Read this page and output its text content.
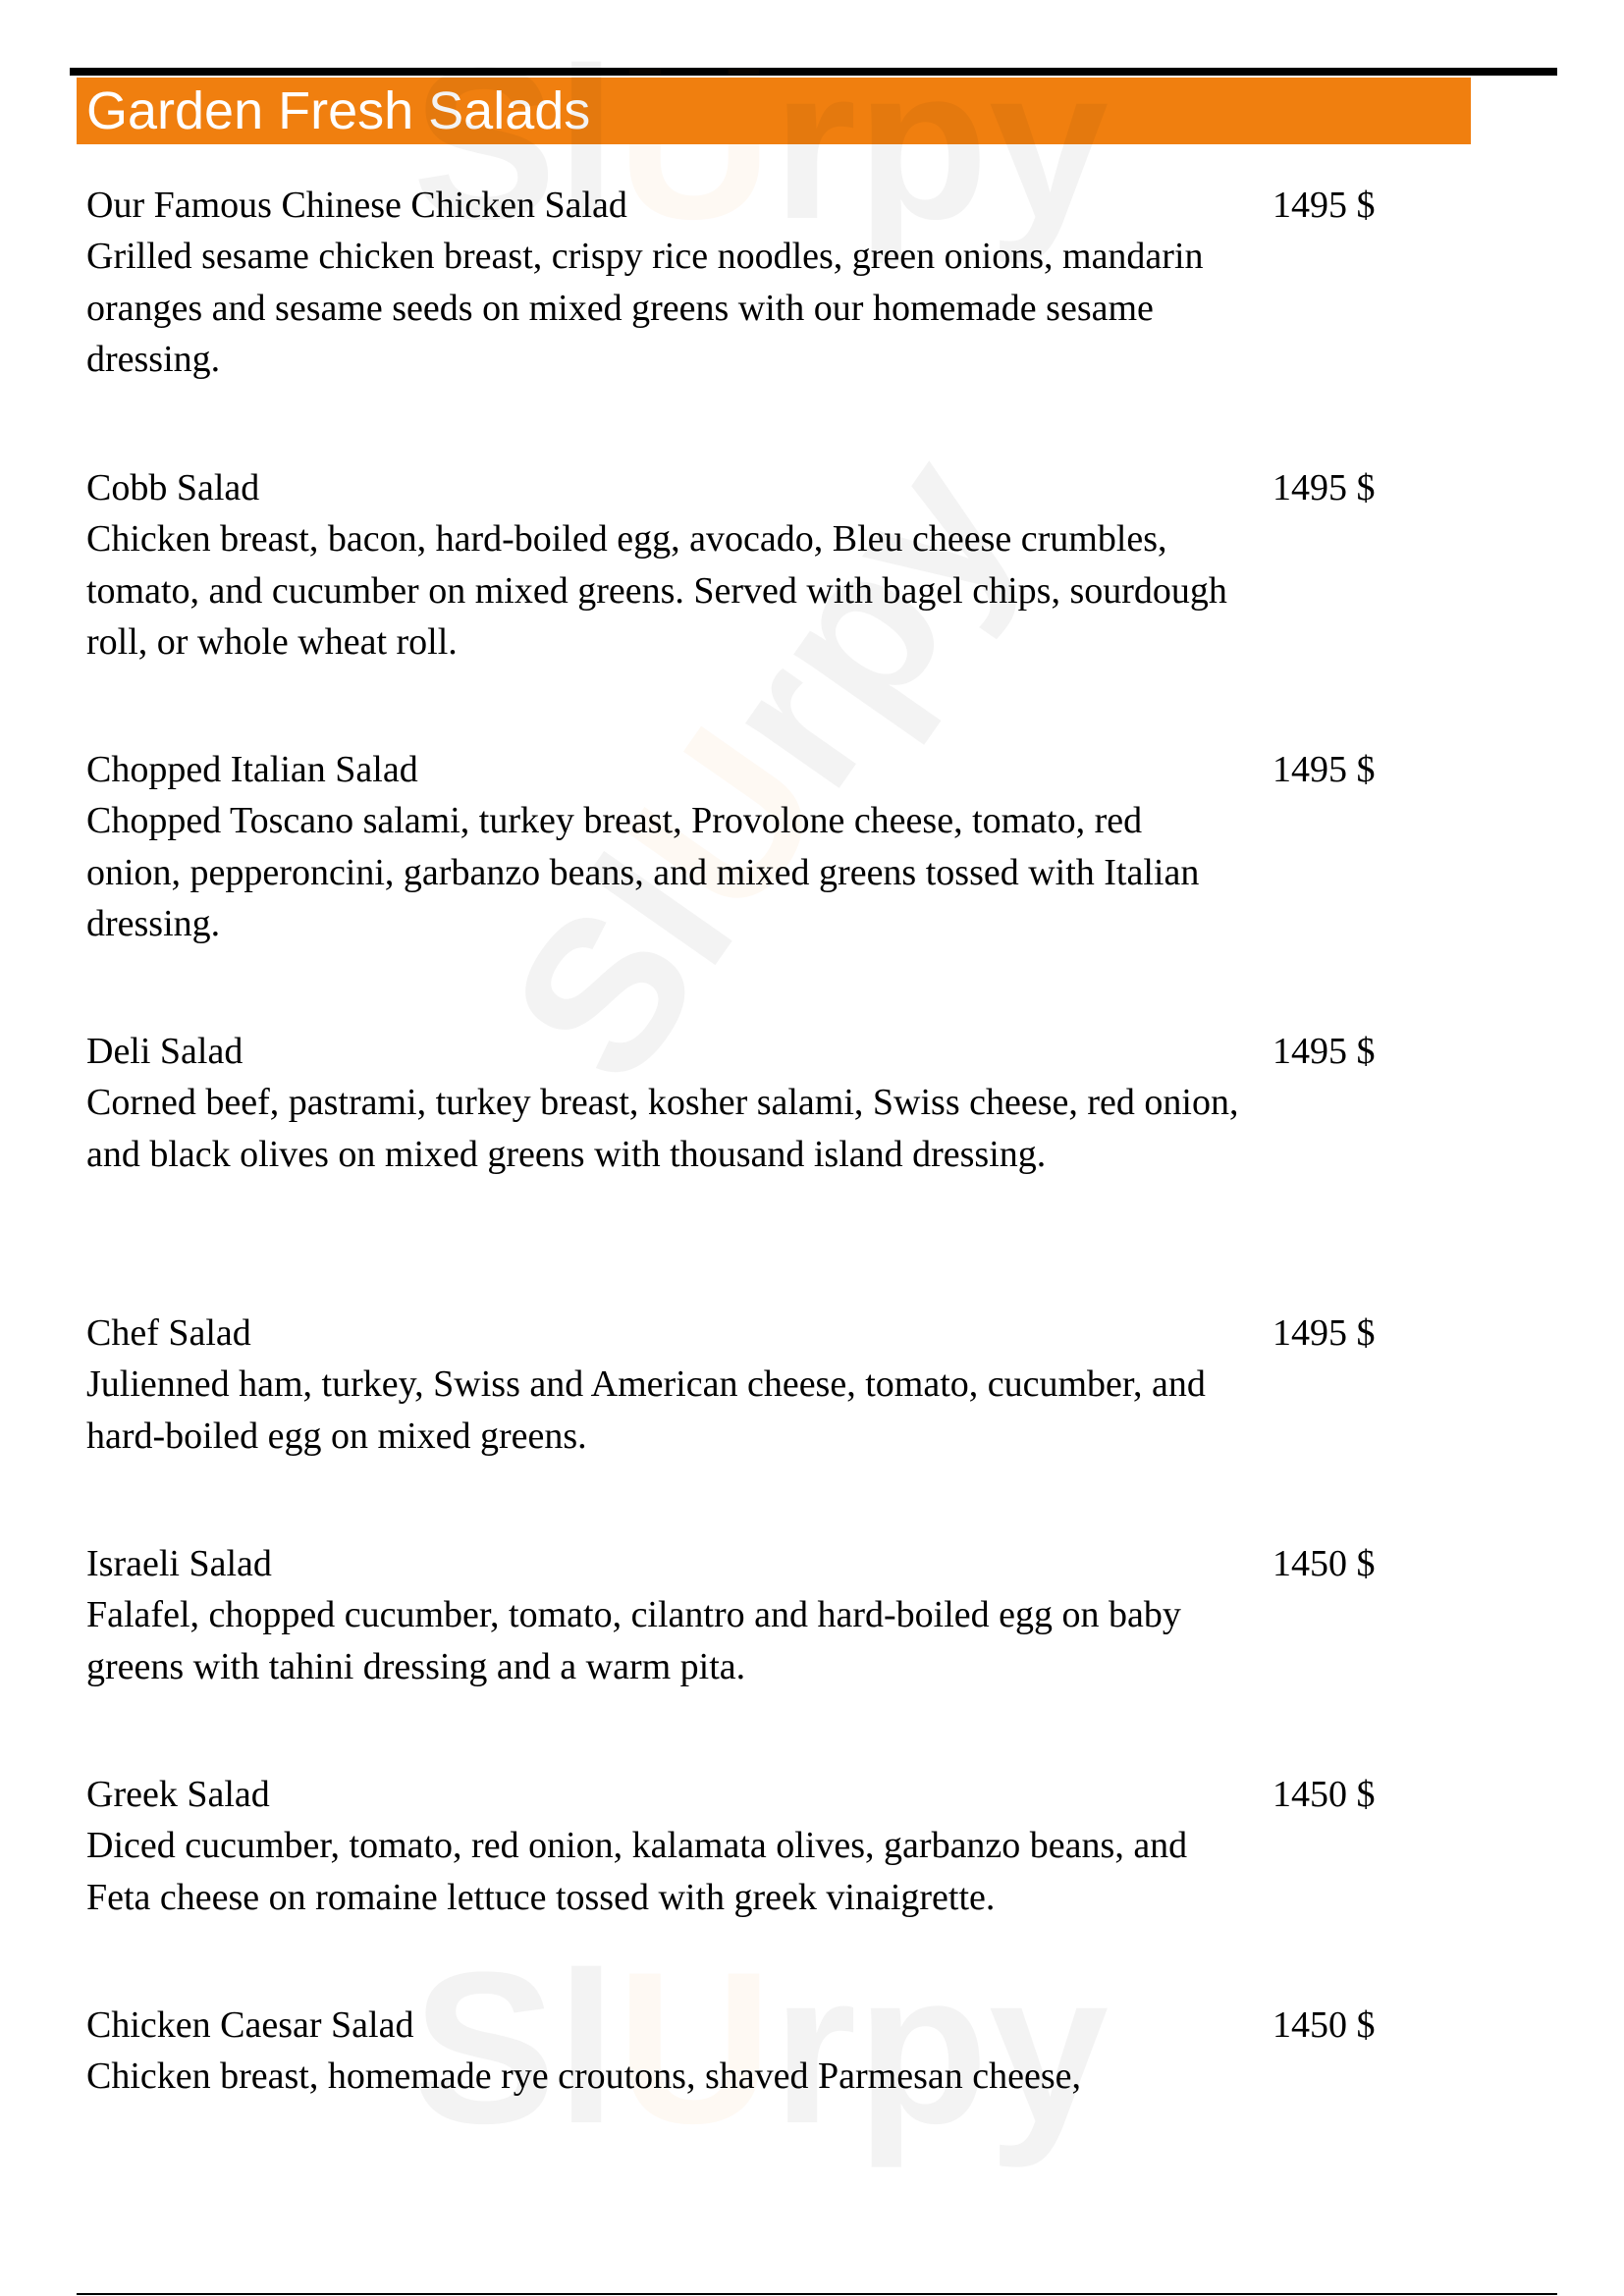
Garden Fresh Salads
Our Famous Chinese Chicken Salad
Grilled sesame chicken breast, crispy rice noodles, green onions, mandarin oranges and sesame seeds on mixed greens with our homemade sesame dressing.
1495 $
Cobb Salad
Chicken breast, bacon, hard-boiled egg, avocado, Bleu cheese crumbles, tomato, and cucumber on mixed greens. Served with bagel chips, sourdough roll, or whole wheat roll.
1495 $
Chopped Italian Salad
Chopped Toscano salami, turkey breast, Provolone cheese, tomato, red onion, pepperoncini, garbanzo beans, and mixed greens tossed with Italian dressing.
1495 $
Deli Salad
Corned beef, pastrami, turkey breast, kosher salami, Swiss cheese, red onion, and black olives on mixed greens with thousand island dressing.
1495 $
Chef Salad
Julienned ham, turkey, Swiss and American cheese, tomato, cucumber, and hard-boiled egg on mixed greens.
1495 $
Israeli Salad
Falafel, chopped cucumber, tomato, cilantro and hard-boiled egg on baby greens with tahini dressing and a warm pita.
1450 $
Greek Salad
Diced cucumber, tomato, red onion, kalamata olives, garbanzo beans, and Feta cheese on romaine lettuce tossed with greek vinaigrette.
1450 $
Chicken Caesar Salad
Chicken breast, homemade rye croutons, shaved Parmesan cheese,
1450 $
